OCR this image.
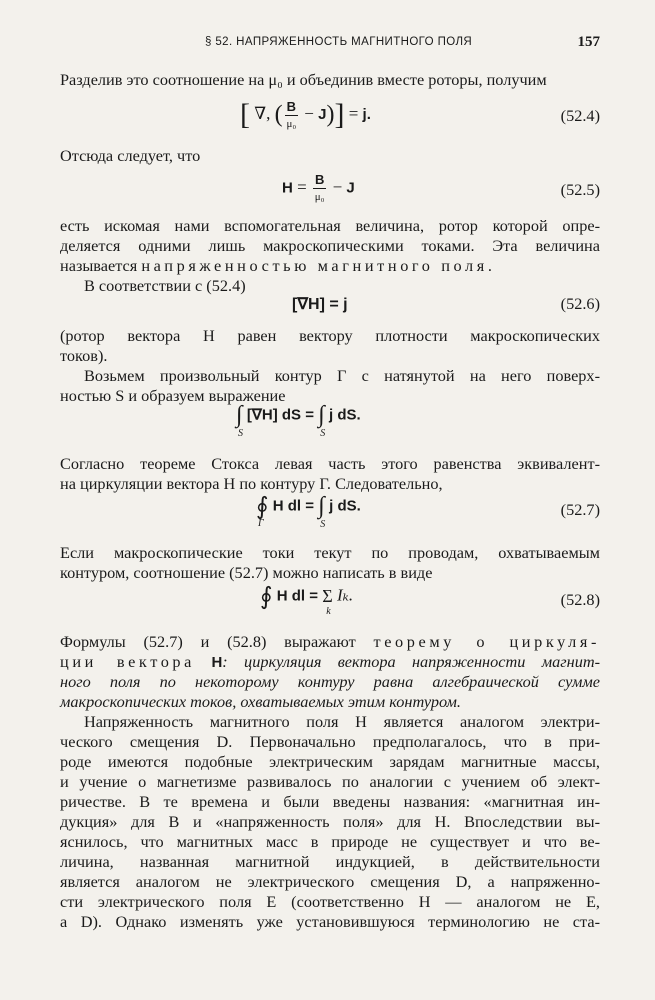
§ 52. НАПРЯЖЕННОСТЬ МАГНИТНОГО ПОЛЯ	157
Разделив это соотношение на μ₀ и объединив вместе роторы, получим
[ ∇, ( $\frac{B}{\text{μ₀}} - J)] = j$.	(52.4)
Отсюда следует, что
$H = \frac{B}{\text{μ₀}} - J$	(52.5)
есть искомая нами вспомогательная величина, ротор которой опре-
деляется одними лишь макроскопическими токами. Эта величина
называется напряженностью магнитного поля.
В соответствии с (52.4)
[∇H] = j	(52.6)
(ротор вектора H равен вектору плотности макроскопических
токов).
Возьмем произвольный контур Г с натянутой на него поверх-
ностью S и образуем выражение
∫
S
[∇H] dS = ∫
S
j dS.
Согласно теореме Стокса левая часть этого равенства эквивалент-
на циркуляции вектора H по контуру Г. Следовательно,
∮
Г
H dl = ∫
S
j dS.	(52.7)
Если макроскопические токи текут по проводам, охватываемым
контуром, соотношение (52.7) можно написать в виде
∮ H dl = Σ
k
Iₖ.	(52.8)
Формулы (52.7) и (52.8) выражают теорему о циркуля-
ции вектора H: циркуляция вектора напряженности магнит-
ного поля по некоторому контуру равна алгебраической сумме
макроскопических токов, охватываемых этим контуром.
Напряженность магнитного поля H является аналогом электри-
ческого смещения D. Первоначально предполагалось, что в при-
роде имеются подобные электрическим зарядам магнитные массы,
и учение о магнетизме развивалось по аналогии с учением об элект-
ричестве. В те времена и были введены названия: «магнитная ин-
дукция» для B и «напряженность поля» для H. Впоследствии вы-
яснилось, что магнитных масс в природе не существует и что ве-
личина, названная магнитной индукцией, в действительности
является аналогом не электрического смещения D, а напряженно-
сти электрического поля E (соответственно H — аналогом не E,
а D). Однако изменять уже установившуюся терминологию не ста-
